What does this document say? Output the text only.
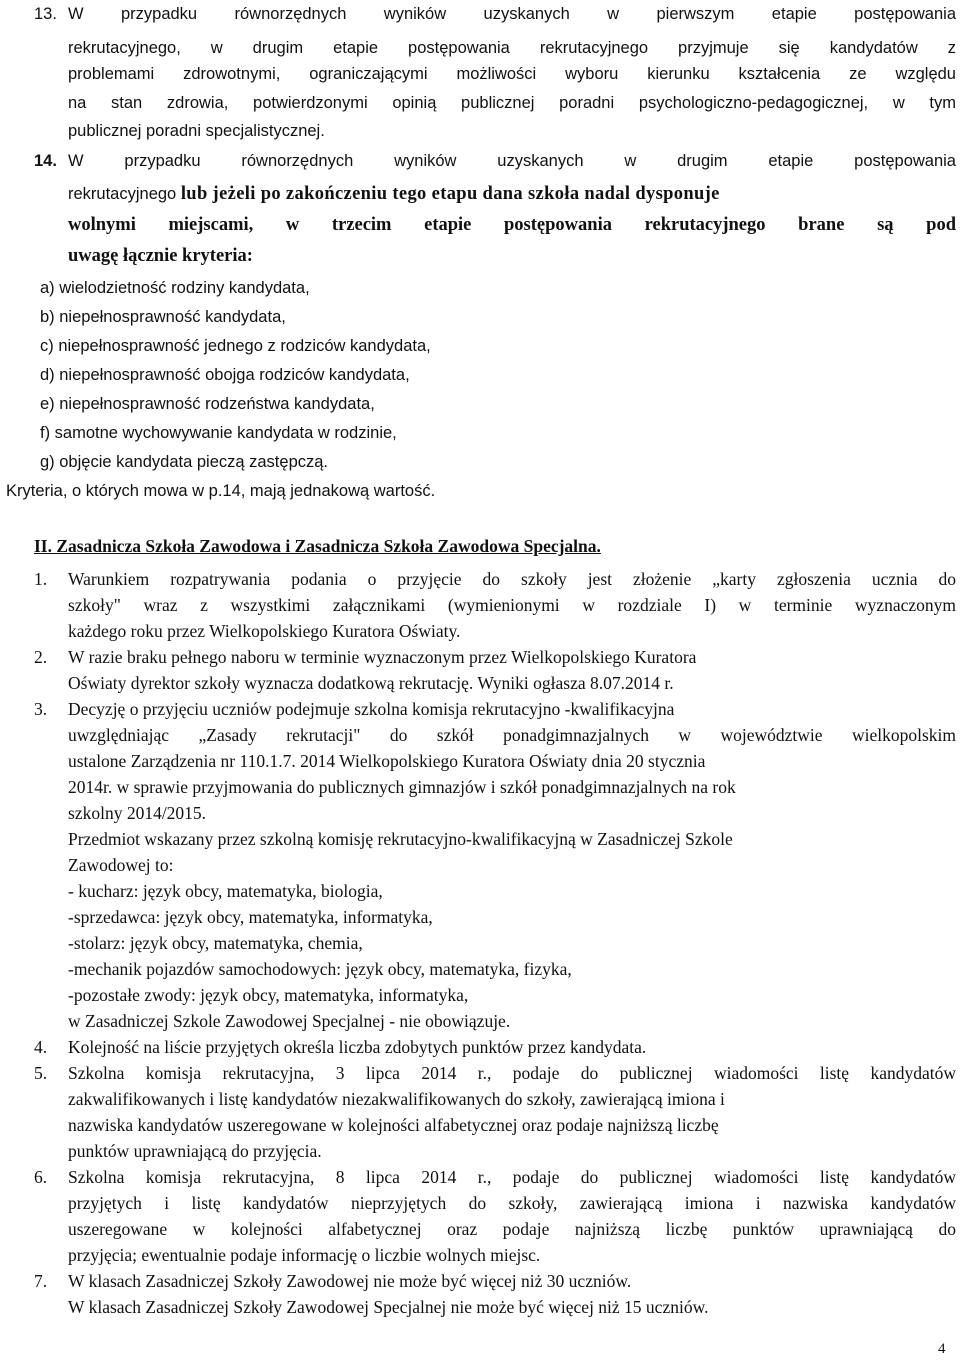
13. W przypadku równorzędnych wyników uzyskanych w pierwszym etapie postępowania
rekrutacyjnego, w drugim etapie postępowania rekrutacyjnego przyjmuje się kandydatów z
problemami zdrowotnymi, ograniczającymi możliwości wyboru kierunku kształcenia ze względu
na stan zdrowia, potwierdzonymi opinią publicznej poradni psychologiczno-pedagogicznej, w tym
publicznej poradni specjalistycznej.
14. W przypadku równorzędnych wyników uzyskanych w drugim etapie postępowania
rekrutacyjnego lub jeżeli po zakończeniu tego etapu dana szkoła nadal dysponuje
wolnymi miejscami, w trzecim etapie postępowania rekrutacyjnego brane są pod
uwagę łącznie kryteria:
a) wielodzietność rodziny kandydata,
b) niepełnosprawność kandydata,
c) niepełnosprawność jednego z rodziców kandydata,
d) niepełnosprawność obojga rodziców kandydata,
e) niepełnosprawność rodzeństwa kandydata,
f) samotne wychowywanie kandydata w rodzinie,
g) objęcie kandydata pieczą zastępczą.
Kryteria, o których mowa w p.14, mają jednakową wartość.
II. Zasadnicza Szkoła Zawodowa i Zasadnicza Szkoła Zawodowa Specjalna.
1. Warunkiem rozpatrywania podania o przyjęcie do szkoły jest złożenie „karty zgłoszenia ucznia do
szkoły" wraz z wszystkimi załącznikami (wymienionymi w rozdziale I) w terminie wyznaczonym
każdego roku przez Wielkopolskiego Kuratora Oświaty.
2. W razie braku pełnego naboru w terminie wyznaczonym przez Wielkopolskiego Kuratora
Oświaty dyrektor szkoły wyznacza dodatkową rekrutację. Wyniki ogłasza 8.07.2014 r.
3. Decyzję o przyjęciu uczniów podejmuje szkolna komisja rekrutacyjno -kwalifikacyjna
uwzględniając „Zasady rekrutacji" do szkół ponadgimnazjalnych w województwie wielkopolskim
ustalone Zarządzenia nr 110.1.7. 2014 Wielkopolskiego Kuratora Oświaty dnia 20 stycznia
2014r. w sprawie przyjmowania do publicznych gimnazjów i szkół ponadgimnazjalnych na rok
szkolny 2014/2015.
Przedmiot wskazany przez szkolną komisję rekrutacyjno-kwalifikacyjną w Zasadniczej Szkole
Zawodowej to:
- kucharz: język obcy, matematyka, biologia,
-sprzedawca: język obcy, matematyka, informatyka,
-stolarz: język obcy, matematyka, chemia,
-mechanik pojazdów samochodowych: język obcy, matematyka, fizyka,
-pozostałe zwody: język obcy, matematyka, informatyka,
w Zasadniczej Szkole Zawodowej Specjalnej - nie obowiązuje.
4. Kolejność na liście przyjętych określa liczba zdobytych punktów przez kandydata.
5. Szkolna komisja rekrutacyjna, 3 lipca 2014 r., podaje do publicznej wiadomości listę kandydatów
zakwalifikowanych i listę kandydatów niezakwalifikowanych do szkoły, zawierającą imiona i
nazwiska kandydatów uszeregowane w kolejności alfabetycznej oraz podaje najniższą liczbę
punktów uprawniającą do przyjęcia.
6. Szkolna komisja rekrutacyjna, 8 lipca 2014 r., podaje do publicznej wiadomości listę kandydatów
przyjętych i listę kandydatów nieprzyjętych do szkoły, zawierającą imiona i nazwiska kandydatów
uszeregowane w kolejności alfabetycznej oraz podaje najniższą liczbę punktów uprawniającą do
przyjęcia; ewentualnie podaje informację o liczbie wolnych miejsc.
7. W klasach Zasadniczej Szkoły Zawodowej nie może być więcej niż 30 uczniów.
W klasach Zasadniczej Szkoły Zawodowej Specjalnej nie może być więcej niż 15 uczniów.
4
